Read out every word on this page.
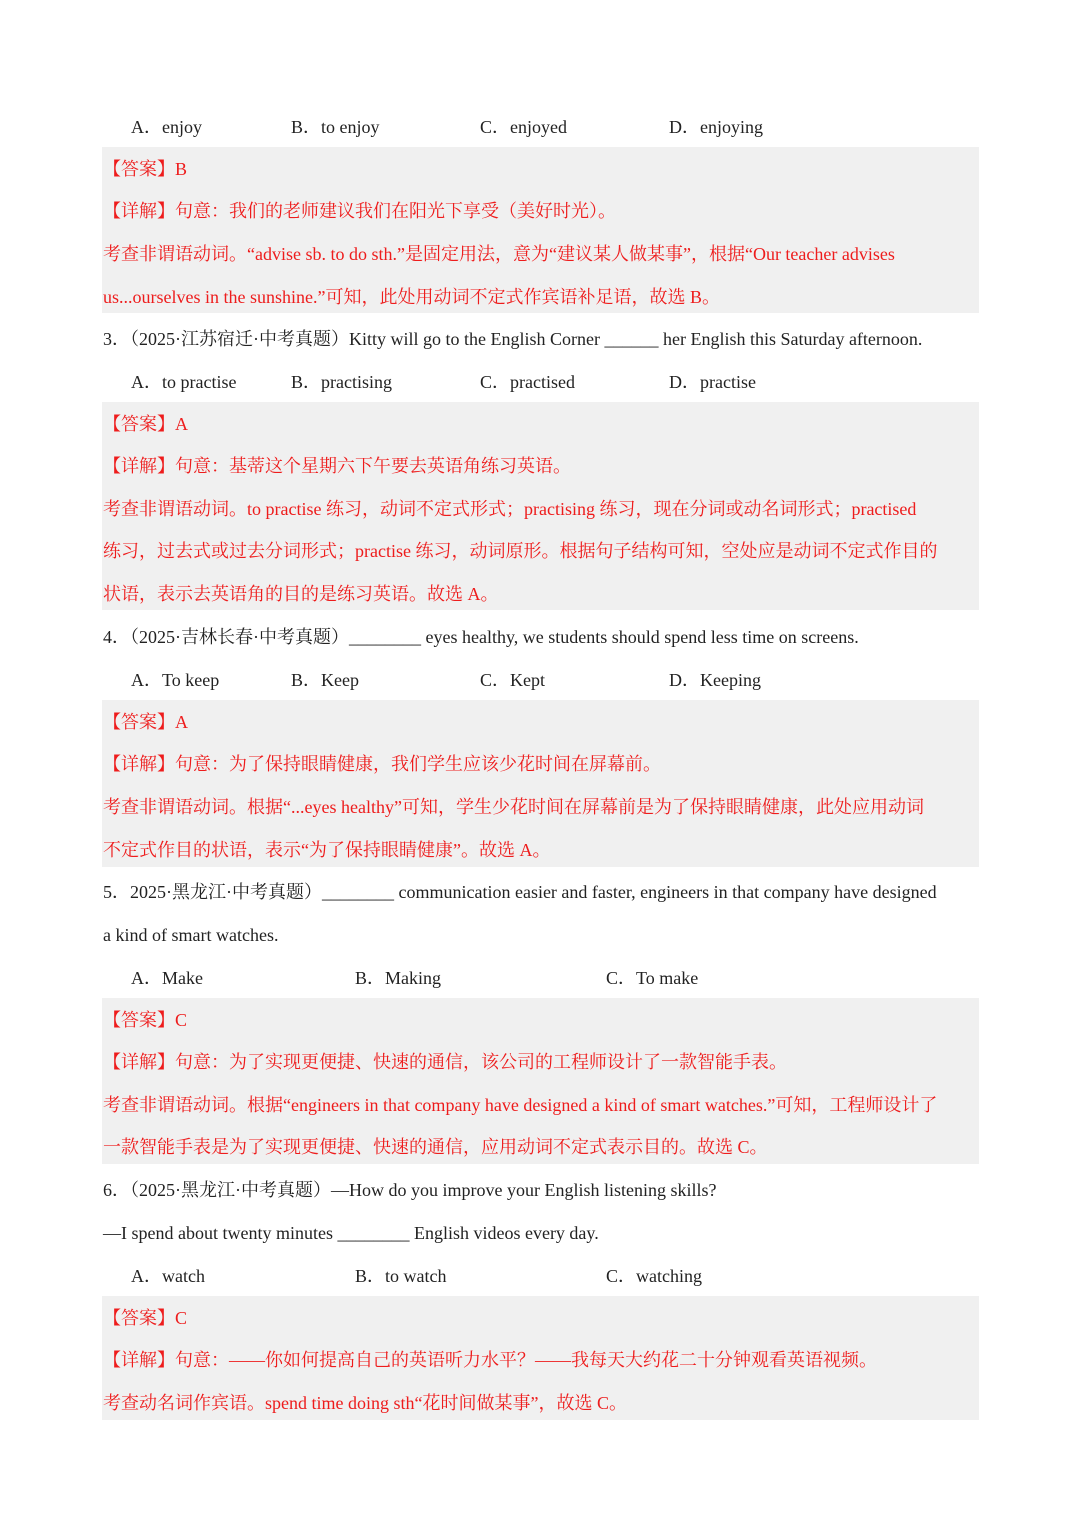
A．enjoy	B．to enjoy	C．enjoyed	D．enjoying
【答案】B
【详解】句意：我们的老师建议我们在阳光下享受（美好时光）。
考查非谓语动词。“advise sb. to do sth.”是固定用法，意为“建议某人做某事”，根据“Our teacher advises
us...ourselves in the sunshine.”可知，此处用动词不定式作宾语补足语，故选 B。
3．（2025·江苏宿迁·中考真题）Kitty will go to the English Corner ______ her English this Saturday afternoon.
A．to practise	B．practising	C．practised	D．practise
【答案】A
【详解】句意：基蒂这个星期六下午要去英语角练习英语。
考查非谓语动词。to practise 练习，动词不定式形式；practising 练习，现在分词或动名词形式；practised
练习，过去式或过去分词形式；practise 练习，动词原形。根据句子结构可知，空处应是动词不定式作目的
状语，表示去英语角的目的是练习英语。故选 A。
4．（2025·吉林长春·中考真题）________ eyes healthy, we students should spend less time on screens.
A．To keep	B．Keep	C．Kept	D．Keeping
【答案】A
【详解】句意：为了保持眼睛健康，我们学生应该少花时间在屏幕前。
考查非谓语动词。根据“...eyes healthy”可知，学生少花时间在屏幕前是为了保持眼睛健康，此处应用动词
不定式作目的状语，表示“为了保持眼睛健康”。故选 A。
5．2025·黑龙江·中考真题）________ communication easier and faster, engineers in that company have designed
a kind of smart watches.
A．Make	B．Making	C．To make
【答案】C
【详解】句意：为了实现更便捷、快速的通信，该公司的工程师设计了一款智能手表。
考查非谓语动词。根据“engineers in that company have designed a kind of smart watches.”可知，工程师设计了
一款智能手表是为了实现更便捷、快速的通信，应用动词不定式表示目的。故选 C。
6．（2025·黑龙江·中考真题）—How do you improve your English listening skills?
—I spend about twenty minutes ________ English videos every day.
A．watch	B．to watch	C．watching
【答案】C
【详解】句意：——你如何提高自己的英语听力水平？——我每天大约花二十分钟观看英语视频。
考查动名词作宾语。spend time doing sth“花时间做某事”，故选 C。
